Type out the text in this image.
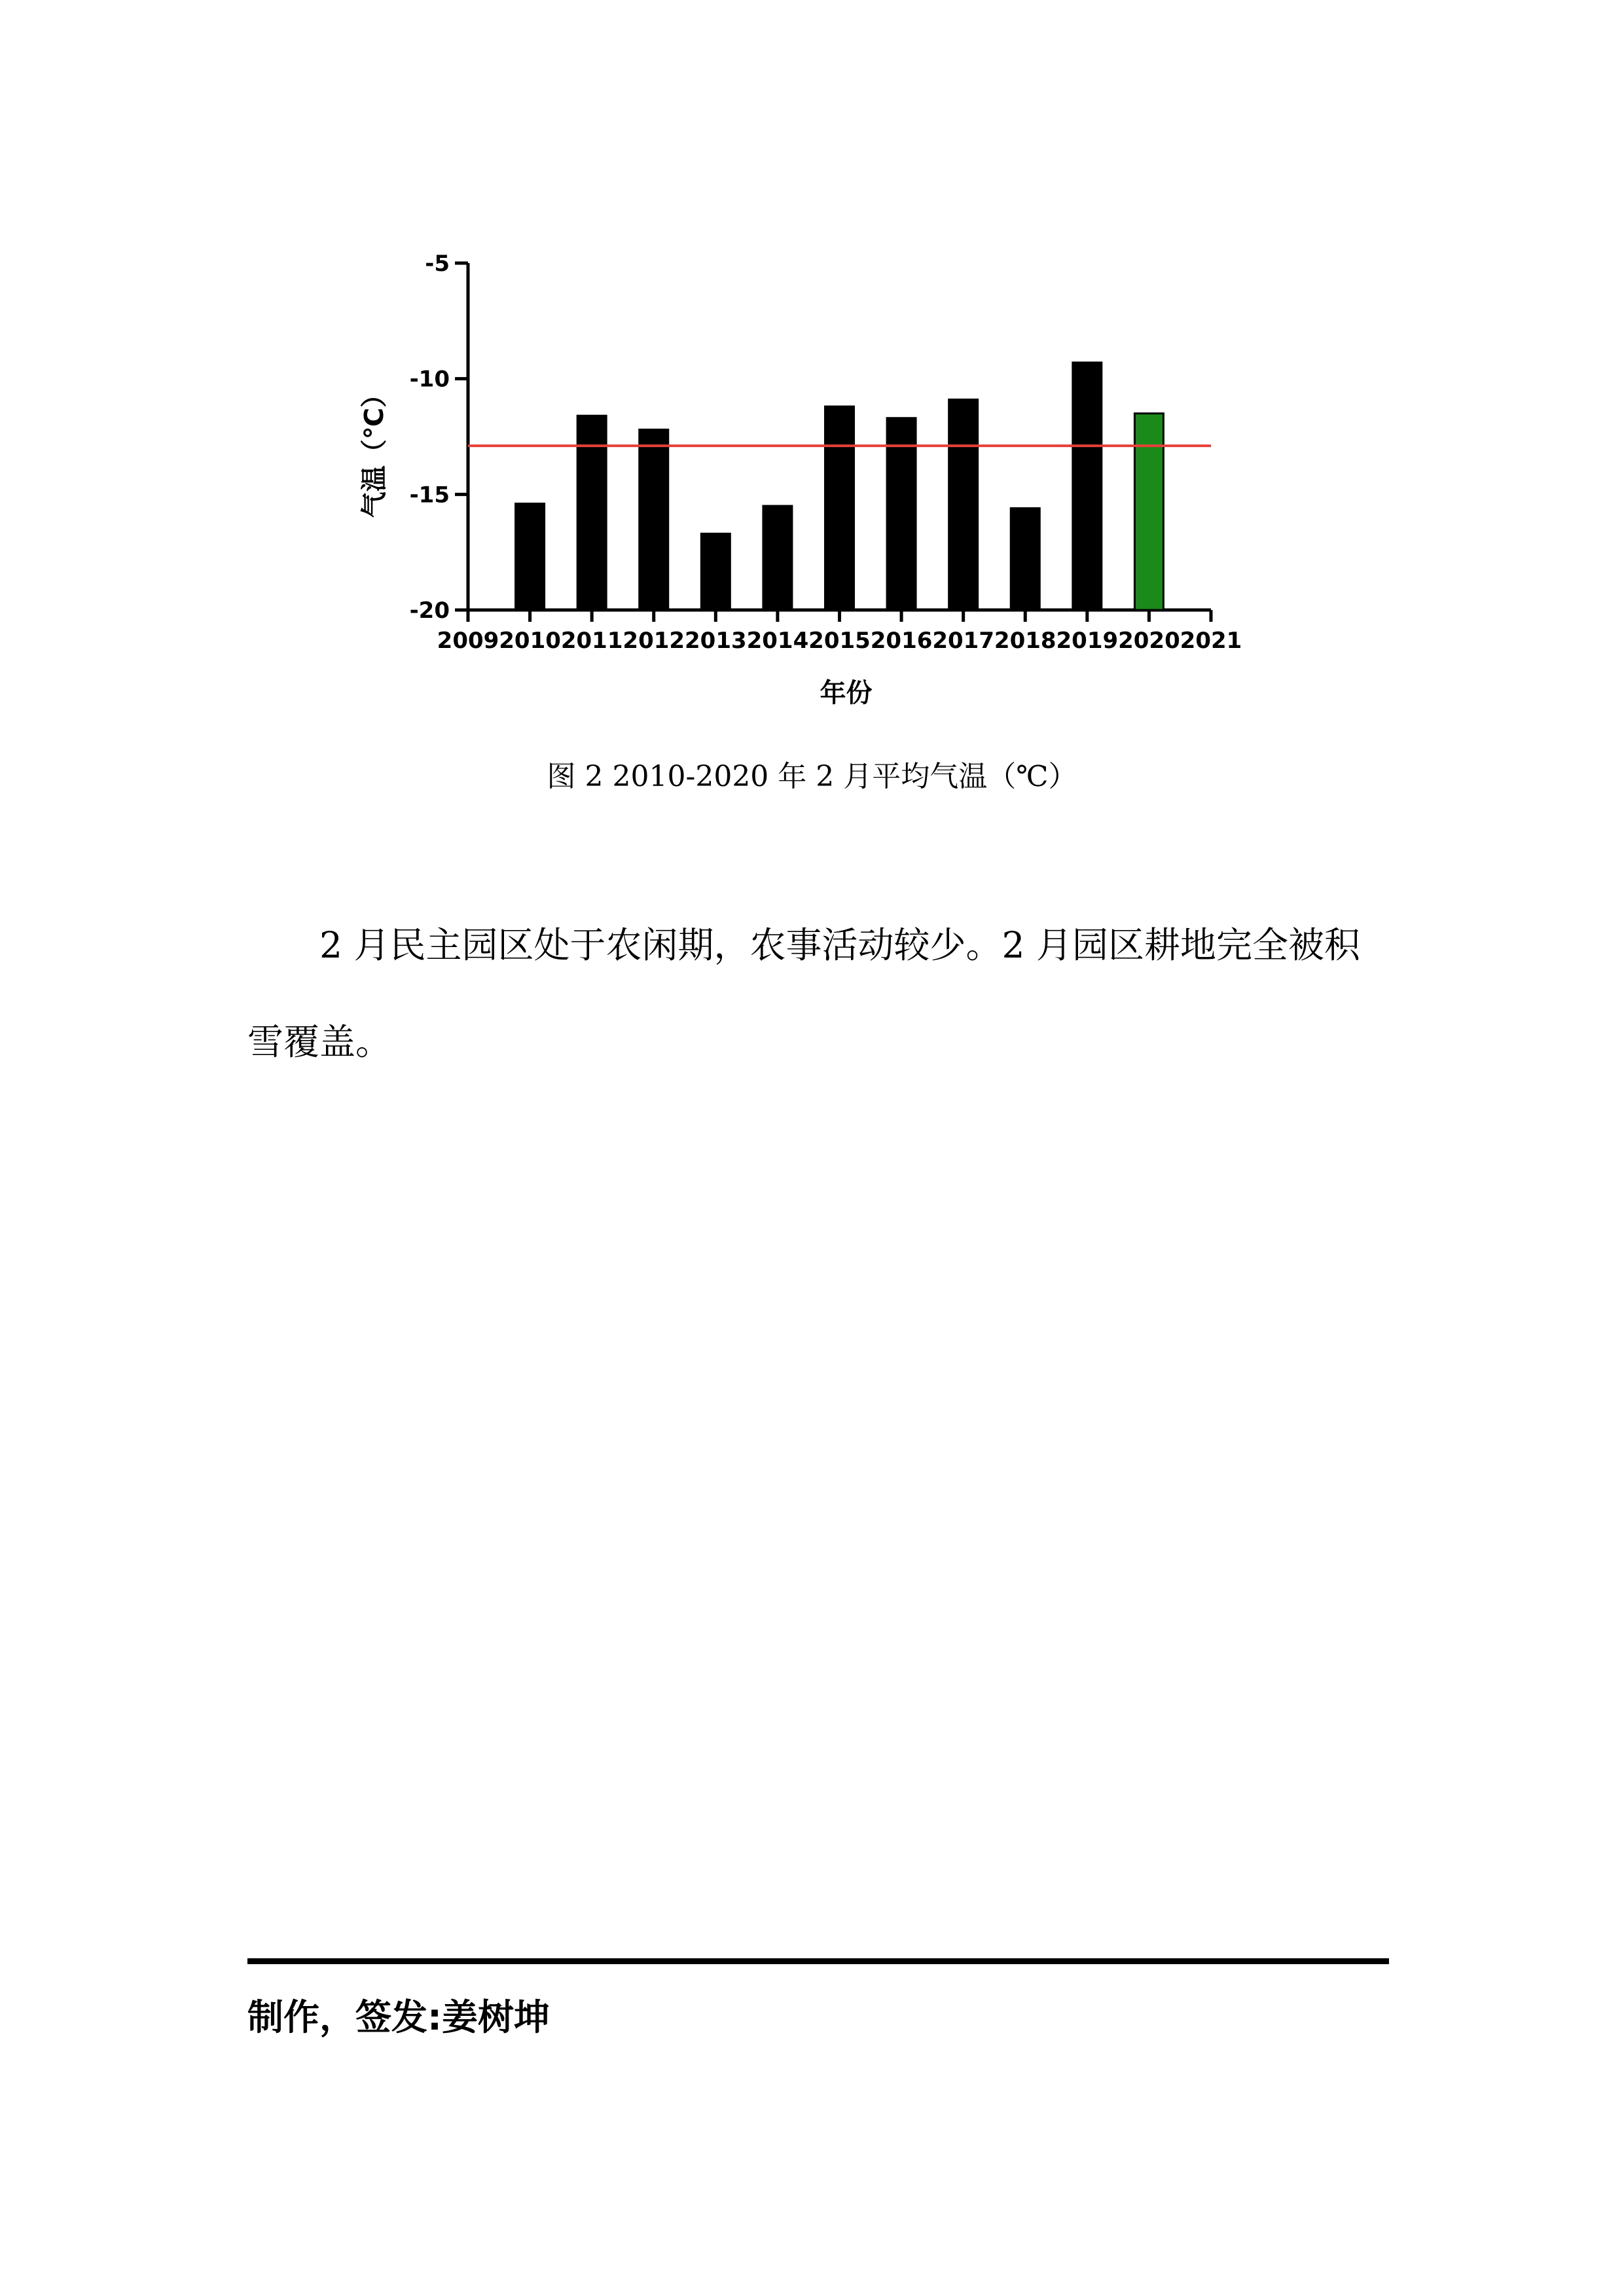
-5
-10
-15
-20
2009 2010 2011 2012 2013 2014 2015 2016 2017 2018 2019 2020 2021
年份
气温（℃）
图 2 2010-2020 年 2 月平均气温（℃）
2 月民主园区处于农闲期，农事活动较少。2 月园区耕地完全被积雪覆盖。
制作，签发:姜树坤
